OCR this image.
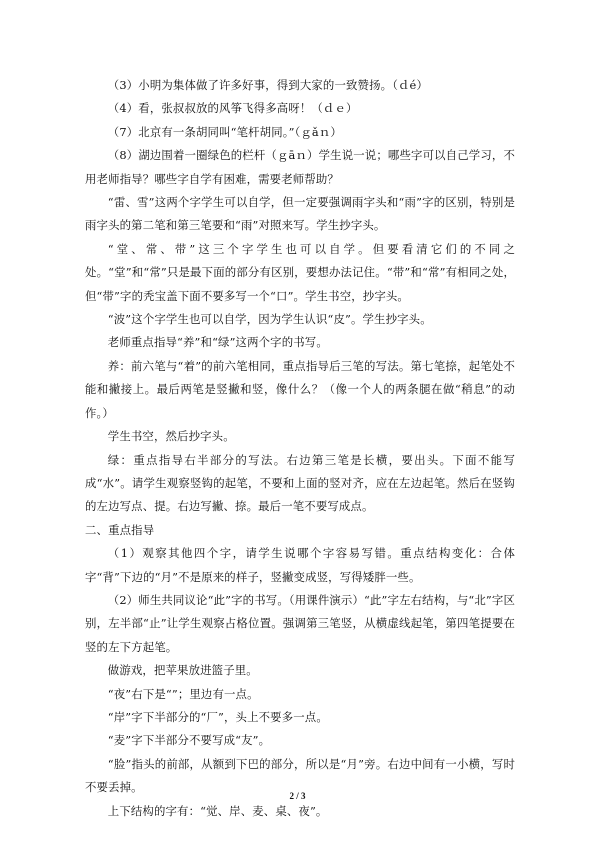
（3）小明为集体做了许多好事，得到大家的一致赞扬。（ｄé）

（4）看，张叔叔放的风筝飞得多高呀！（ｄｅ）

（7）北京有一条胡同叫“笔杆胡同。”（ｇǎｎ）

（8）湖边围着一圈绿色的栏杆（ｇāｎ）学生说一说；哪些字可以自己学习，不用老师指导？哪些字自学有困难，需要老师帮助？

“雷、雪”这两个字学生可以自学，但一定要强调雨字头和“雨”字的区别，特别是雨字头的第二笔和第三笔要和“雨”对照来写。学生抄字头。

“堂、常、带”这三个字学生也可以自学。但要看清它们的不同之处。“堂”和“常”只是最下面的部分有区别，要想办法记住。“带”和“常”有相同之处，但“带”字的秃宝盖下面不要多写一个“口”。学生书空，抄字头。

“波”这个字学生也可以自学，因为学生认识“皮”。学生抄字头。

老师重点指导“养”和“绿”这两个字的书写。

养：前六笔与“着”的前六笔相同，重点指导后三笔的写法。第七笔捺，起笔处不能和撇接上。最后两笔是竖撇和竖，像什么？（像一个人的两条腿在做“稍息”的动作。）

学生书空，然后抄字头。

绿：重点指导右半部分的写法。右边第三笔是长横，要出头。下面不能写成“水”。请学生观察竖钩的起笔，不要和上面的竖对齐，应在左边起笔。然后在竖钩的左边写点、提。右边写撇、捺。最后一笔不要写成点。

二、重点指导

（1）观察其他四个字，请学生说哪个字容易写错。重点结构变化：合体字“背”下边的“月”不是原来的样子，竖撇变成竖，写得矮胖一些。

（2）师生共同议论“此”字的书写。（用课件演示）“此”字左右结构，与“北”字区别，左半部“止”让学生观察占格位置。强调第三笔竖，从横虚线起笔，第四笔提要在竖的左下方起笔。

做游戏，把苹果放进篮子里。

“夜”右下是“”；里边有一点。

“岸”字下半部分的“厂”，头上不要多一点。

“麦”字下半部分不要写成“友”。

“脸”指头的前部，从额到下巴的部分，所以是“月”旁。右边中间有一小横，写时不要丢掉。

上下结构的字有：“觉、岸、麦、桌、夜”。

2 / 3
